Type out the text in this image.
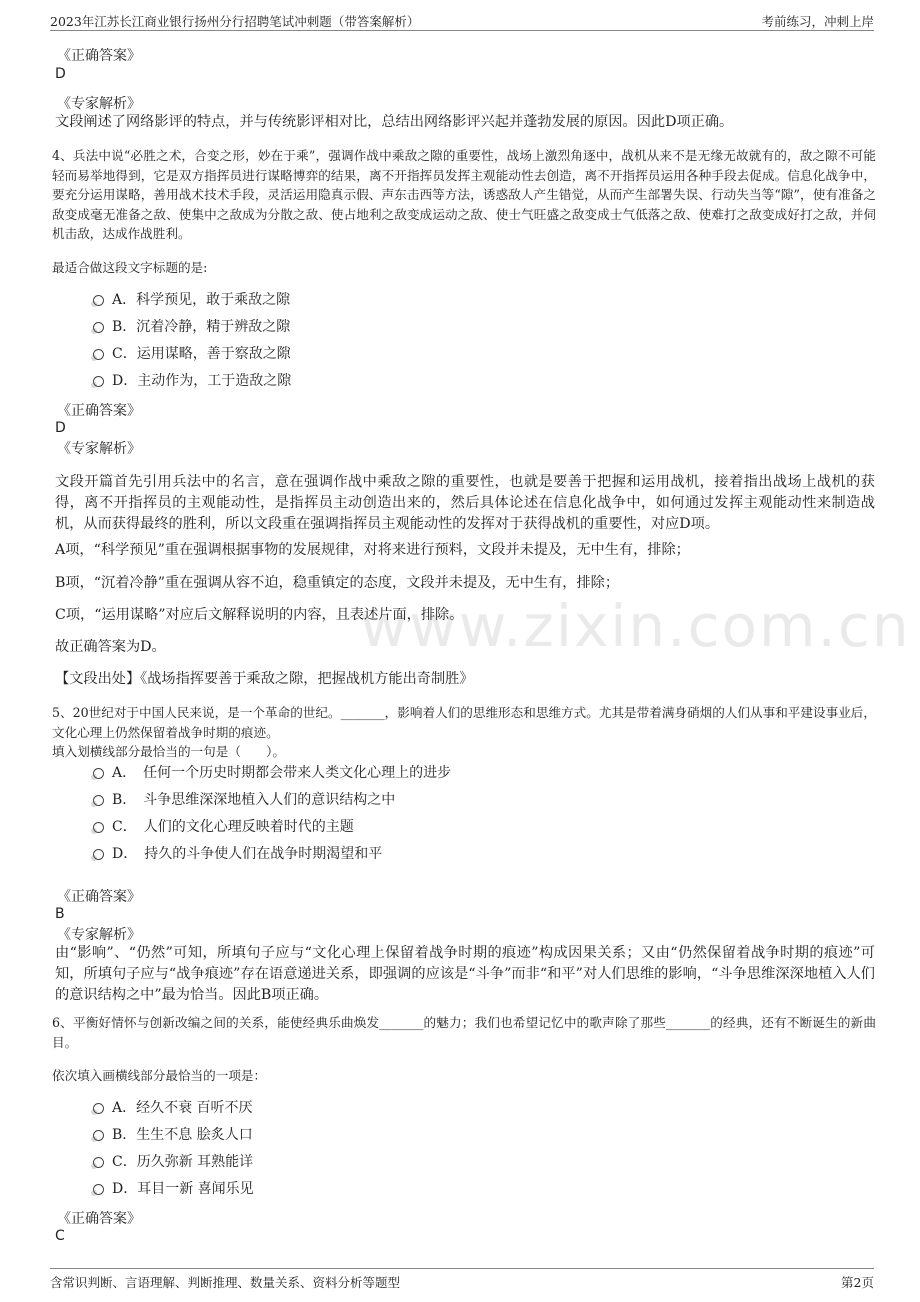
2023年江苏长江商业银行扬州分行招聘笔试冲刺题（带答案解析）	考前练习，冲刺上岸
www.zixin.com.cn
《正确答案》
D
《专家解析》
文段阐述了网络影评的特点，并与传统影评相对比，总结出网络影评兴起并蓬勃发展的原因。因此D项正确。
4、兵法中说“必胜之术，合变之形，妙在于乘”，强调作战中乘敌之隙的重要性，战场上激烈角逐中，战机从来不是无缘无故就有的，敌之隙不可能轻而易举地得到，它是双方指挥员进行谋略博弈的结果，离不开指挥员发挥主观能动性去创造，离不开指挥员运用各种手段去促成。信息化战争中，要充分运用谋略，善用战术技术手段，灵活运用隐真示假、声东击西等方法，诱惑敌人产生错觉，从而产生部署失误、行动失当等“隙”，使有准备之敌变成毫无准备之敌、使集中之敌成为分散之敌、使占地利之敌变成运动之敌、使士气旺盛之敌变成士气低落之敌、使难打之敌变成好打之敌，并伺机击敌，达成作战胜利。
最适合做这段文字标题的是:
A．科学预见，敢于乘敌之隙
B．沉着冷静，精于辨敌之隙
C．运用谋略，善于察敌之隙
D．主动作为，工于造敌之隙
《正确答案》
D
《专家解析》
文段开篇首先引用兵法中的名言，意在强调作战中乘敌之隙的重要性，也就是要善于把握和运用战机，接着指出战场上战机的获得，离不开指挥员的主观能动性，是指挥员主动创造出来的，然后具体论述在信息化战争中，如何通过发挥主观能动性来制造战机，从而获得最终的胜利，所以文段重在强调指挥员主观能动性的发挥对于获得战机的重要性，对应D项。
A项，“科学预见”重在强调根据事物的发展规律，对将来进行预料，文段并未提及，无中生有，排除；
B项，“沉着冷静”重在强调从容不迫，稳重镇定的态度，文段并未提及，无中生有，排除；
C项，“运用谋略”对应后文解释说明的内容，且表述片面，排除。
故正确答案为D。
【文段出处】《战场指挥要善于乘敌之隙，把握战机方能出奇制胜》
5、20世纪对于中国人民来说，是一个革命的世纪。_______，影响着人们的思维形态和思维方式。尤其是带着满身硝烟的人们从事和平建设事业后，文化心理上仍然保留着战争时期的痕迹。
填入划横线部分最恰当的一句是（　　）。
A．　任何一个历史时期都会带来人类文化心理上的进步
B．　斗争思维深深地植入人们的意识结构之中
C．　人们的文化心理反映着时代的主题
D．　持久的斗争使人们在战争时期渴望和平
《正确答案》
B
《专家解析》
由“影响”、“仍然”可知，所填句子应与“文化心理上保留着战争时期的痕迹”构成因果关系；又由“仍然保留着战争时期的痕迹”可知，所填句子应与“战争痕迹”存在语意递进关系，即强调的应该是“斗争”而非“和平”对人们思维的影响，“斗争思维深深地植入人们的意识结构之中”最为恰当。因此B项正确。
6、平衡好情怀与创新改编之间的关系，能使经典乐曲焕发_______的魅力；我们也希望记忆中的歌声除了那些_______的经典，还有不断诞生的新曲目。
依次填入画横线部分最恰当的一项是：
A．经久不衰 百听不厌
B．生生不息 脍炙人口
C．历久弥新 耳熟能详
D．耳目一新 喜闻乐见
《正确答案》
C
含常识判断、言语理解、判断推理、数量关系、资料分析等题型	第2页
